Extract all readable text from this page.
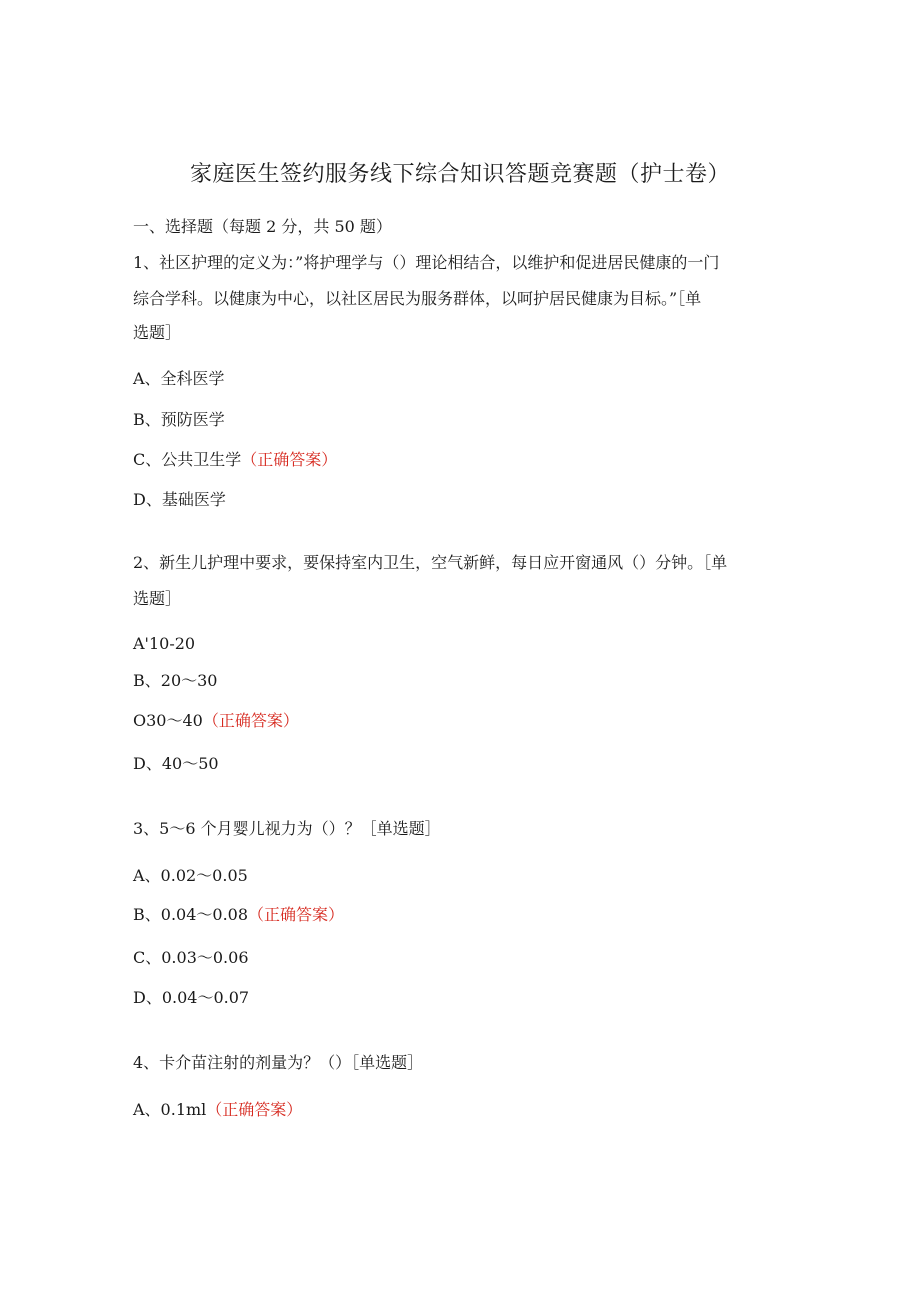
家庭医生签约服务线下综合知识答题竞赛题（护士卷）
一、选择题（每题 2 分，共 50 题）
1、社区护理的定义为：”将护理学与（）理论相结合，以维护和促进居民健康的一门
综合学科。以健康为中心，以社区居民为服务群体，以呵护居民健康为目标。”［单
选题］
A、全科医学
B、预防医学
C、公共卫生学（正确答案）
D、基础医学
2、新生儿护理中要求，要保持室内卫生，空气新鲜，每日应开窗通风（）分钟。［单
选题］
A'10-20
B、20～30
O30～40（正确答案）
D、40～50
3、5～6 个月婴儿视力为（）？［单选题］
A、0.02～0.05
B、0.04～0.08（正确答案）
C、0.03～0.06
D、0.04～0.07
4、卡介苗注射的剂量为？（）［单选题］
A、0.1ml（正确答案）
